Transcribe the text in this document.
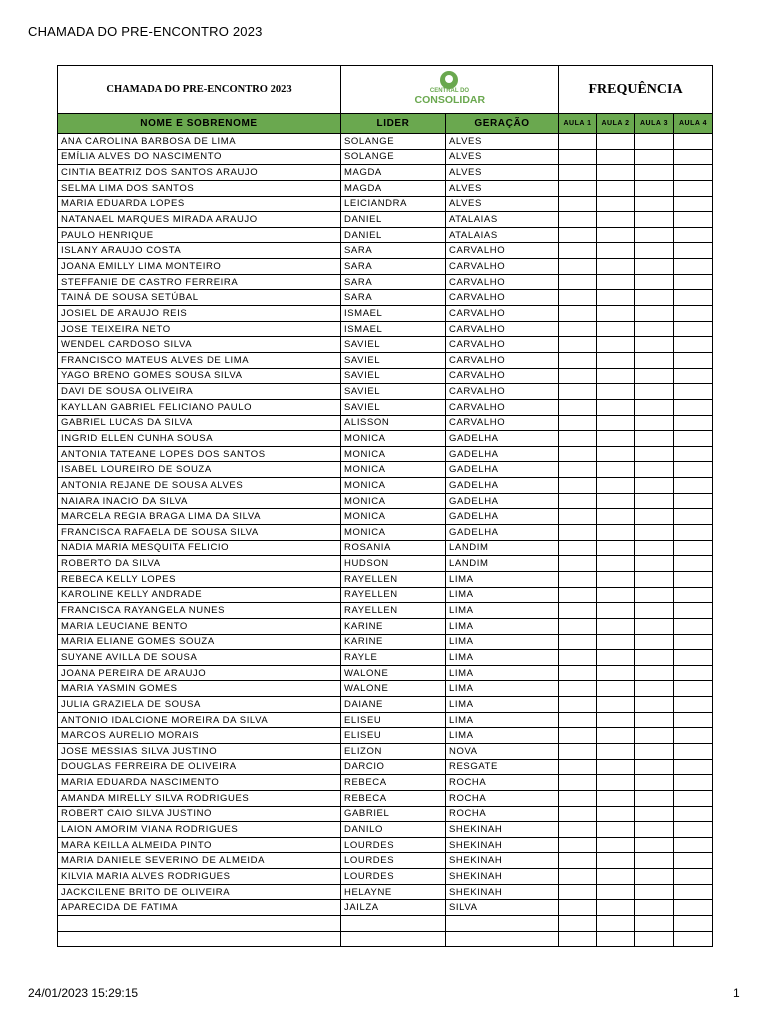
CHAMADA DO PRE-ENCONTRO 2023
CHAMADA DO PRE-ENCONTRO 2023	CENTRAL DO
CONSOLIDAR		FREQUÊNCIA			
NOME E SOBRENOME	LIDER	GERAÇÃO	AULA 1	AULA 2	AULA 3	AULA 4
ANA CAROLINA BARBOSA DE LIMA	SOLANGE	ALVES				
EMÍLIA ALVES DO NASCIMENTO	SOLANGE	ALVES				
CINTIA BEATRIZ DOS SANTOS ARAUJO	MAGDA	ALVES				
SELMA LIMA DOS SANTOS	MAGDA	ALVES				
MARIA EDUARDA LOPES	LEICIANDRA	ALVES				
NATANAEL MARQUES MIRADA ARAUJO	DANIEL	ATALAIAS				
PAULO HENRIQUE	DANIEL	ATALAIAS				
ISLANY ARAUJO COSTA	SARA	CARVALHO				
JOANA EMILLY LIMA MONTEIRO	SARA	CARVALHO				
STEFFANIE DE CASTRO FERREIRA	SARA	CARVALHO				
TAINÁ DE SOUSA SETÚBAL	SARA	CARVALHO				
JOSIEL DE ARAUJO REIS	ISMAEL	CARVALHO				
JOSE TEIXEIRA NETO	ISMAEL	CARVALHO				
WENDEL CARDOSO SILVA	SAVIEL	CARVALHO				
FRANCISCO MATEUS ALVES DE LIMA	SAVIEL	CARVALHO				
YAGO BRENO GOMES SOUSA SILVA	SAVIEL	CARVALHO				
DAVI DE SOUSA OLIVEIRA	SAVIEL	CARVALHO				
KAYLLAN GABRIEL FELICIANO PAULO	SAVIEL	CARVALHO				
GABRIEL LUCAS DA SILVA	ALISSON	CARVALHO				
INGRID ELLEN CUNHA SOUSA	MONICA	GADELHA				
ANTONIA TATEANE LOPES DOS SANTOS	MONICA	GADELHA				
ISABEL LOUREIRO DE SOUZA	MONICA	GADELHA				
ANTONIA REJANE DE SOUSA ALVES	MONICA	GADELHA				
NAIARA INACIO DA SILVA	MONICA	GADELHA				
MARCELA REGIA BRAGA LIMA DA SILVA	MONICA	GADELHA				
FRANCISCA RAFAELA DE SOUSA SILVA	MONICA	GADELHA				
NADIA MARIA MESQUITA FELICIO	ROSANIA	LANDIM				
ROBERTO DA SILVA	HUDSON	LANDIM				
REBECA KELLY LOPES	RAYELLEN	LIMA				
KAROLINE KELLY ANDRADE	RAYELLEN	LIMA				
FRANCISCA RAYANGELA NUNES	RAYELLEN	LIMA				
MARIA LEUCIANE BENTO	KARINE	LIMA				
MARIA ELIANE GOMES SOUZA	KARINE	LIMA				
SUYANE AVILLA DE SOUSA	RAYLE	LIMA				
JOANA PEREIRA DE ARAUJO	WALONE	LIMA				
MARIA YASMIN GOMES	WALONE	LIMA				
JULIA GRAZIELA DE SOUSA	DAIANE	LIMA				
ANTONIO IDALCIONE MOREIRA DA SILVA	ELISEU	LIMA				
MARCOS AURELIO MORAIS	ELISEU	LIMA				
JOSE MESSIAS SILVA JUSTINO	ELIZON	NOVA				
DOUGLAS FERREIRA DE OLIVEIRA	DARCIO	RESGATE				
MARIA EDUARDA NASCIMENTO	REBECA	ROCHA				
AMANDA MIRELLY SILVA RODRIGUES	REBECA	ROCHA				
ROBERT CAIO SILVA JUSTINO	GABRIEL	ROCHA				
LAION AMORIM VIANA RODRIGUES	DANILO	SHEKINAH				
MARA KEILLA ALMEIDA PINTO	LOURDES	SHEKINAH				
MARIA DANIELE SEVERINO DE ALMEIDA	LOURDES	SHEKINAH				
KILVIA MARIA ALVES RODRIGUES	LOURDES	SHEKINAH				
JACKCILENE BRITO DE OLIVEIRA	HELAYNE	SHEKINAH				
APARECIDA DE FATIMA	JAILZA	SILVA				

24/01/2023 15:29:15	1
